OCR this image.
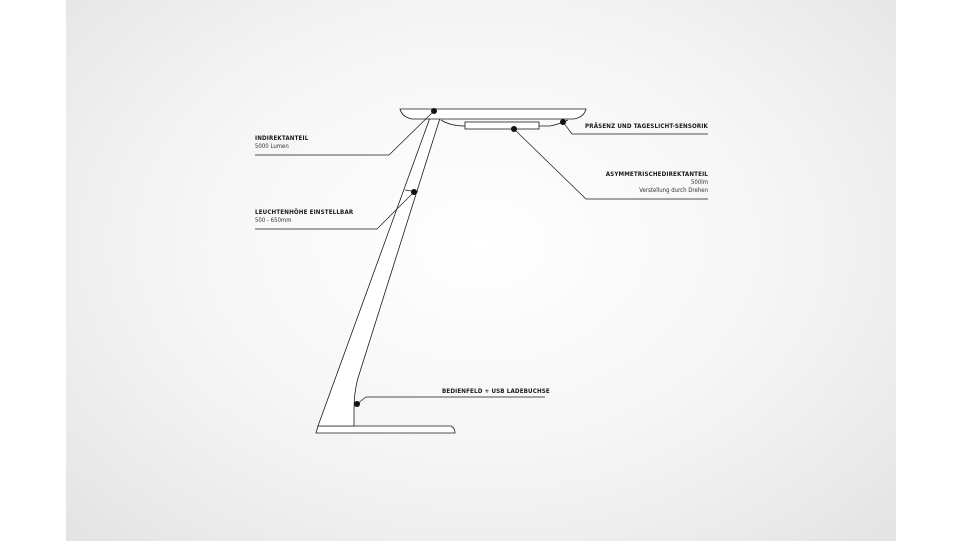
INDIREKTANTEIL
5000 Lumen
LEUCHTENHÖHE EINSTELLBAR
500 - 650mm
PRÄSENZ UND TAGESLICHT-SENSORIK
ASYMMETRISCHEDIREKTANTEIL
500lm
Verstellung durch Drehen
BEDIENFELD + USB LADEBUCHSE
